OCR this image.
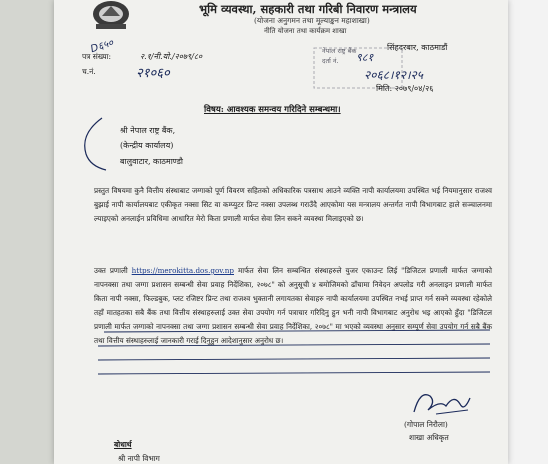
भूमि व्यवस्था, सहकारी तथा गरिबी निवारण मन्त्रालय
(योजना अनुगमन तथा मूल्याङ्कन महाशाखा)
नीति योजना तथा कार्यक्रम शाखा
सिंहदरबार, काठमाडौं
D६५०
पत्र संख्या:	२.१/नी.यो./२०७९/८०
च.नं.	२१०६०
नेपाल राष्ट्र बैंक
दर्ता नं. ९८१
२०६८।१२।२५
मिति: २०७९/०४/२६
विषय: आवश्यक समन्वय गरिदिने सम्बन्धमा।
श्री नेपाल राष्ट्र बैंक,
(केन्द्रीय कार्यालय)
बालुवाटार, काठमाण्डौ
प्रस्तुत विषयमा कुनै वित्तीय संस्थाबाट जग्गाको पूर्ण विवरण सहितको अधिकारिक पत्रसाथ आउने व्यक्ति नापी कार्यालयमा उपस्थित भई नियमानुसार राजश्व बुझाई नापी कार्यालयबाट एकीकृत नक्सा सिट वा कम्प्युटर प्रिन्ट नक्सा उपलब्ध गराउँदै आएकोमा यस मन्त्रालय अन्तर्गत नापी विभागबाट हाले सञ्चालनमा ल्याइएको अनलाईन प्रविधिमा आधारित मेरो किता प्रणाली मार्फत सेवा लिन सकने व्यवस्था मिलाइएको छ।
उक्त प्रणाली https://merokitta.dos.gov.np मार्फत सेवा लिन सम्बन्धित संस्थाहरुले युजर एकाउन्ट लिई "डिजिटल प्रणाली मार्फत जग्गाको नापनक्सा तथा जग्गा प्रशासन सम्बन्धी सेवा प्रवाह निर्देशिका, २०७८" को अनुसूची ४ बमोजिमको ढाँचामा निवेदन अपलोड गरी अनलाइन प्रणाली मार्फत किता नापी नक्सा, फिल्डबुक, प्लट रजिष्टर प्रिन्ट तथा राजश्व भुक्तानी लगायतका सेवाहरु नापी कार्यालयमा उपस्थित नभई प्राप्त गर्न सक्ने व्यवस्था रहेकोले तहाँ मातहतका सबै बैंक तथा वित्तीय संस्थाहरुलाई उक्त सेवा उपयोग गर्न पत्राचार गरिदिनु हुन भनी नापी विभागबाट अनुरोध भइ आएको हुँदा "डिजिटल प्रणाली मार्फत जग्गाको नापनक्सा तथा जग्गा प्रशासन सम्बन्धी सेवा प्रवाह निर्देशिका, २०७८" मा भएको व्यवस्था अनुसार सम्पूर्ण सेवा उपयोग गर्न सबै बैंक तथा वित्तीय संस्थाहरुलाई जानकारी गराई दिनुहुन आदेशानुसार अनुरोध छ।
(गोपाल निरौला)
शाखा अधिकृत
बोधार्थ
श्री नापी विभाग
